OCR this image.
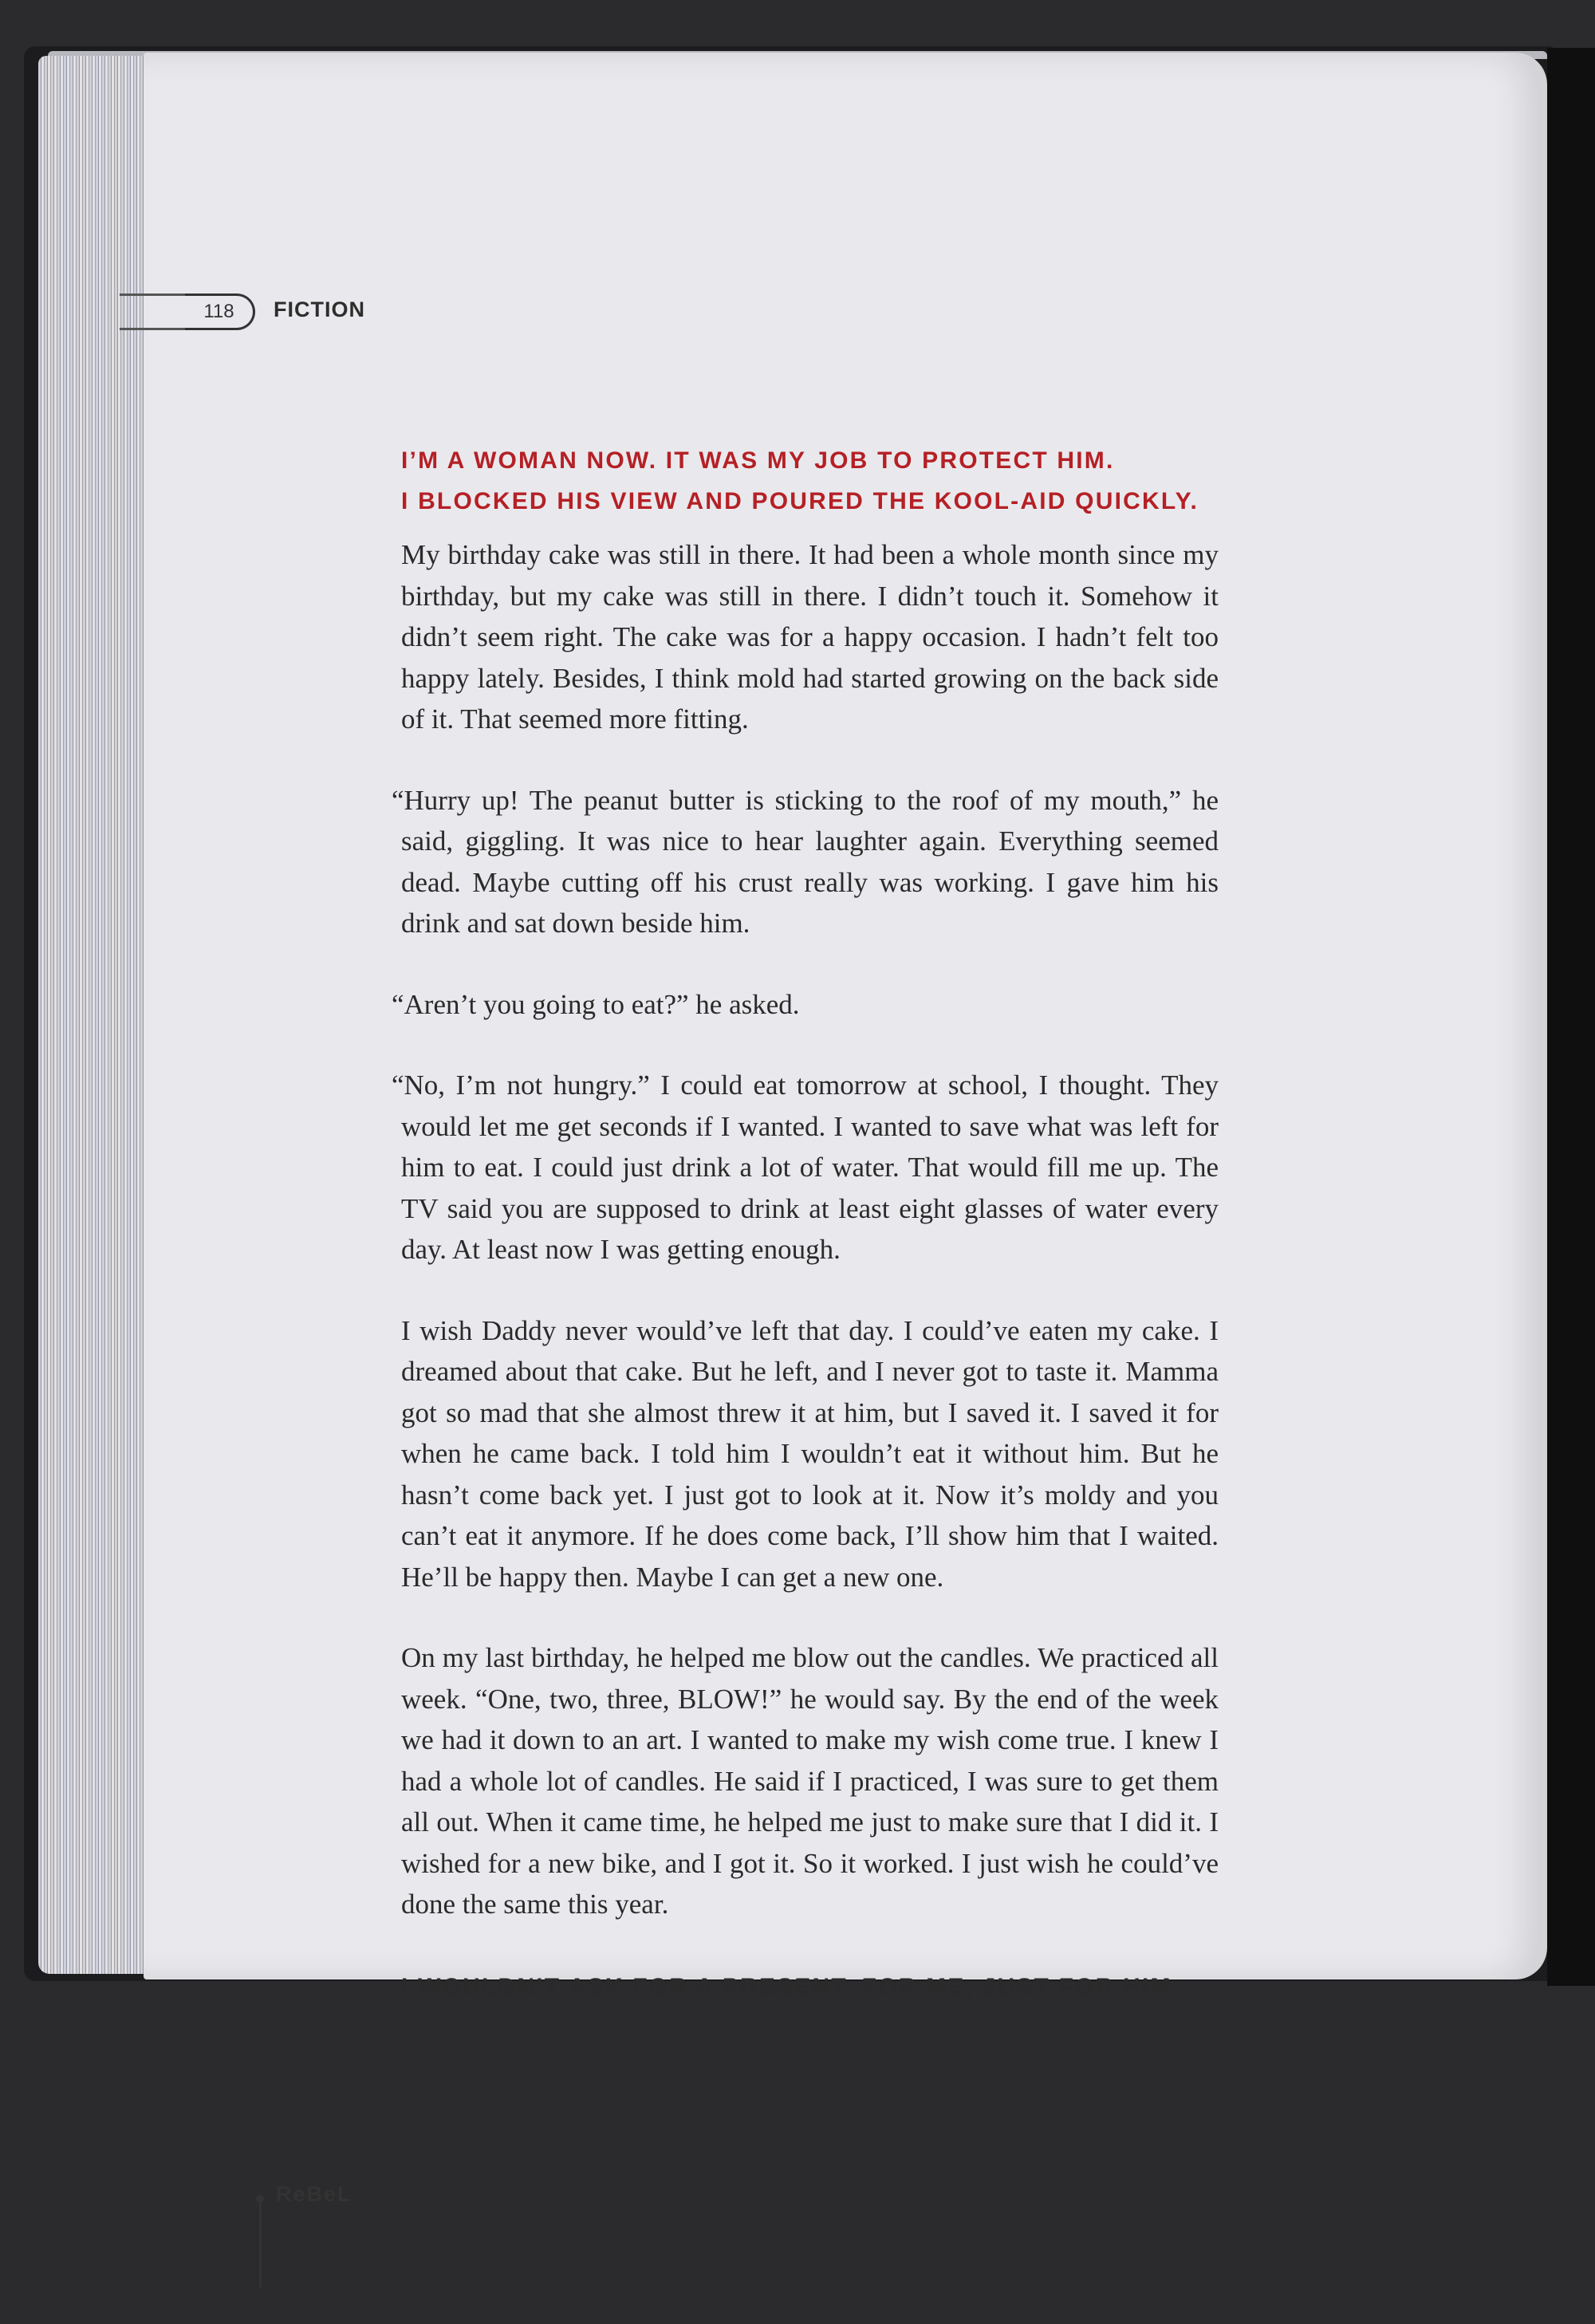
118	FICTION

I’M A WOMAN NOW. IT WAS MY JOB TO PROTECT HIM.
I BLOCKED HIS VIEW AND POURED THE KOOL-AID QUICKLY.

My birthday cake was still in there. It had been a whole month since my birthday, but my cake was still in there. I didn’t touch it. Somehow it didn’t seem right. The cake was for a happy occasion. I hadn’t felt too happy lately. Besides, I think mold had started growing on the back side of it. That seemed more fitting.

“Hurry up! The peanut butter is sticking to the roof of my mouth,” he said, giggling. It was nice to hear laughter again. Everything seemed dead. Maybe cutting off his crust really was working. I gave him his drink and sat down beside him.

“Aren’t you going to eat?” he asked.

“No, I’m not hungry.” I could eat tomorrow at school, I thought. They would let me get seconds if I wanted. I wanted to save what was left for him to eat. I could just drink a lot of water. That would fill me up. The TV said you are supposed to drink at least eight glasses of water every day. At least now I was getting enough.

I wish Daddy never would’ve left that day. I could’ve eaten my cake. I dreamed about that cake. But he left, and I never got to taste it. Mamma got so mad that she almost threw it at him, but I saved it. I saved it for when he came back. I told him I wouldn’t eat it without him. But he hasn’t come back yet. I just got to look at it. Now it’s moldy and you can’t eat it anymore. If he does come back, I’ll show him that I waited. He’ll be happy then. Maybe I can get a new one.

On my last birthday, he helped me blow out the candles. We practiced all week. “One, two, three, BLOW!” he would say. By the end of the week we had it down to an art. I wanted to make my wish come true. I knew I had a whole lot of candles. He said if I practiced, I was sure to get them all out. When it came time, he helped me just to make sure that I did it. I wished for a new bike, and I got it. So it worked. I just wish he could’ve done the same this year.

I WOULDN’T ASK FOR A PRESENT, FOR ME, JUST FOR HIM.

ReBeL
